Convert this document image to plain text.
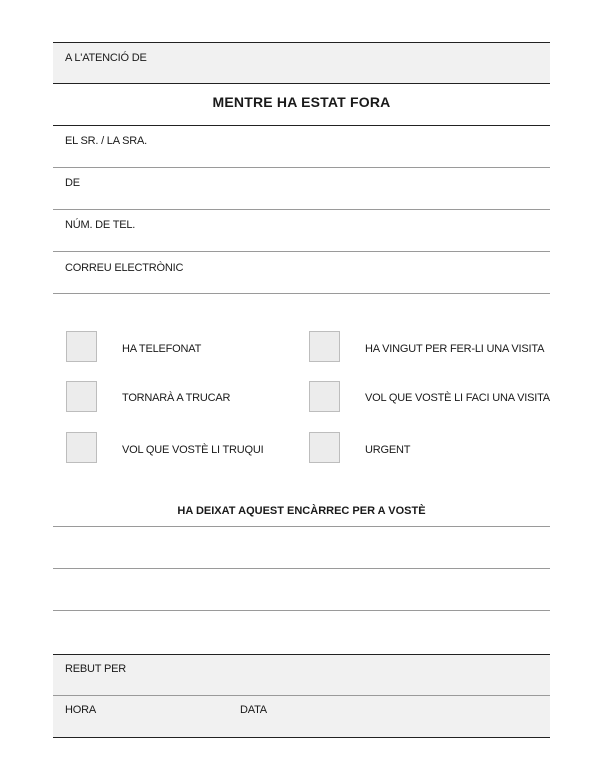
A L'ATENCIÓ DE
MENTRE HA ESTAT FORA
EL SR. / LA SRA.
DE
NÚM. DE TEL.
CORREU ELECTRÒNIC
HA TELEFONAT
TORNARÀ A TRUCAR
VOL QUE VOSTÈ LI TRUQUI
HA VINGUT PER FER-LI UNA VISITA
VOL QUE VOSTÈ LI FACI UNA VISITA
URGENT
HA DEIXAT AQUEST ENCÀRREC PER A VOSTÈ
REBUT PER
HORA	DATA
